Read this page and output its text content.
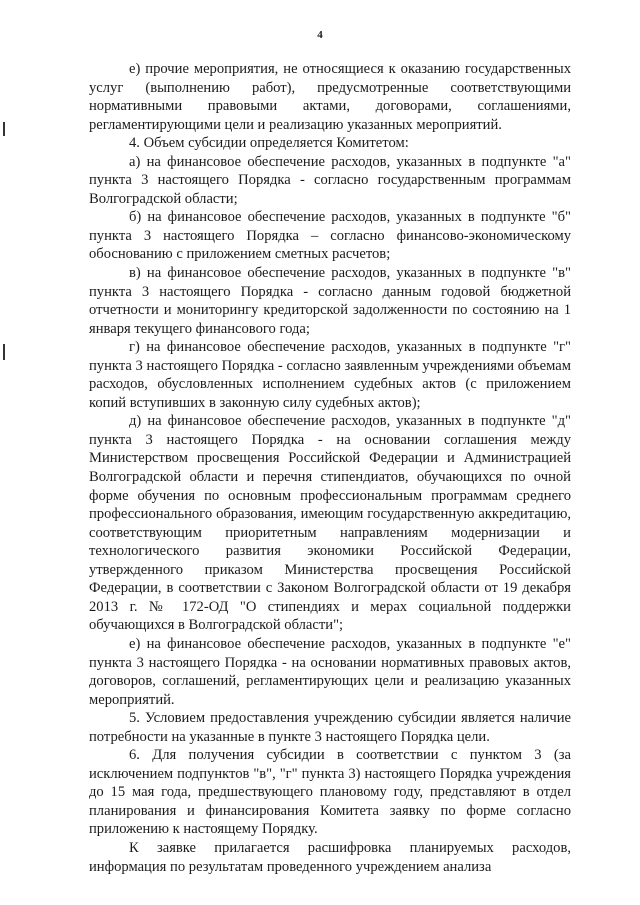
4

е) прочие мероприятия, не относящиеся к оказанию государственных услуг (выполнению работ), предусмотренные соответствующими нормативными правовыми актами, договорами, соглашениями, регламентирующими цели и реализацию указанных мероприятий.

4. Объем субсидии определяется Комитетом:

а) на финансовое обеспечение расходов, указанных в подпункте "а" пункта 3 настоящего Порядка - согласно государственным программам Волгоградской области;

б) на финансовое обеспечение расходов, указанных в подпункте "б" пункта 3 настоящего Порядка – согласно финансово-экономическому обоснованию с приложением сметных расчетов;

в) на финансовое обеспечение расходов, указанных в подпункте "в" пункта 3 настоящего Порядка - согласно данным годовой бюджетной отчетности и мониторингу кредиторской задолженности по состоянию на 1 января текущего финансового года;

г) на финансовое обеспечение расходов, указанных в подпункте "г" пункта 3 настоящего Порядка - согласно заявленным учреждениями объемам расходов, обусловленных исполнением судебных актов (с приложением копий вступивших в законную силу судебных актов);

д) на финансовое обеспечение расходов, указанных в подпункте "д" пункта 3 настоящего Порядка - на основании соглашения между Министерством просвещения Российской Федерации и Администрацией Волгоградской области и перечня стипендиатов, обучающихся по очной форме обучения по основным профессиональным программам среднего профессионального образования, имеющим государственную аккредитацию, соответствующим приоритетным направлениям модернизации и технологического развития экономики Российской Федерации, утвержденного приказом Министерства просвещения Российской Федерации, в соответствии с Законом Волгоградской области от 19 декабря 2013 г. № 172-ОД "О стипендиях и мерах социальной поддержки обучающихся в Волгоградской области";

е) на финансовое обеспечение расходов, указанных в подпункте "е" пункта 3 настоящего Порядка - на основании нормативных правовых актов, договоров, соглашений, регламентирующих цели и реализацию указанных мероприятий.

5. Условием предоставления учреждению субсидии является наличие потребности на указанные в пункте 3 настоящего Порядка цели.

6. Для получения субсидии в соответствии с пунктом 3 (за исключением подпунктов "в", "г" пункта 3) настоящего Порядка учреждения до 15 мая года, предшествующего плановому году, представляют в отдел планирования и финансирования Комитета заявку по форме согласно приложению к настоящему Порядку.

К заявке прилагается расшифровка планируемых расходов, информация по результатам проведенного учреждением анализа
